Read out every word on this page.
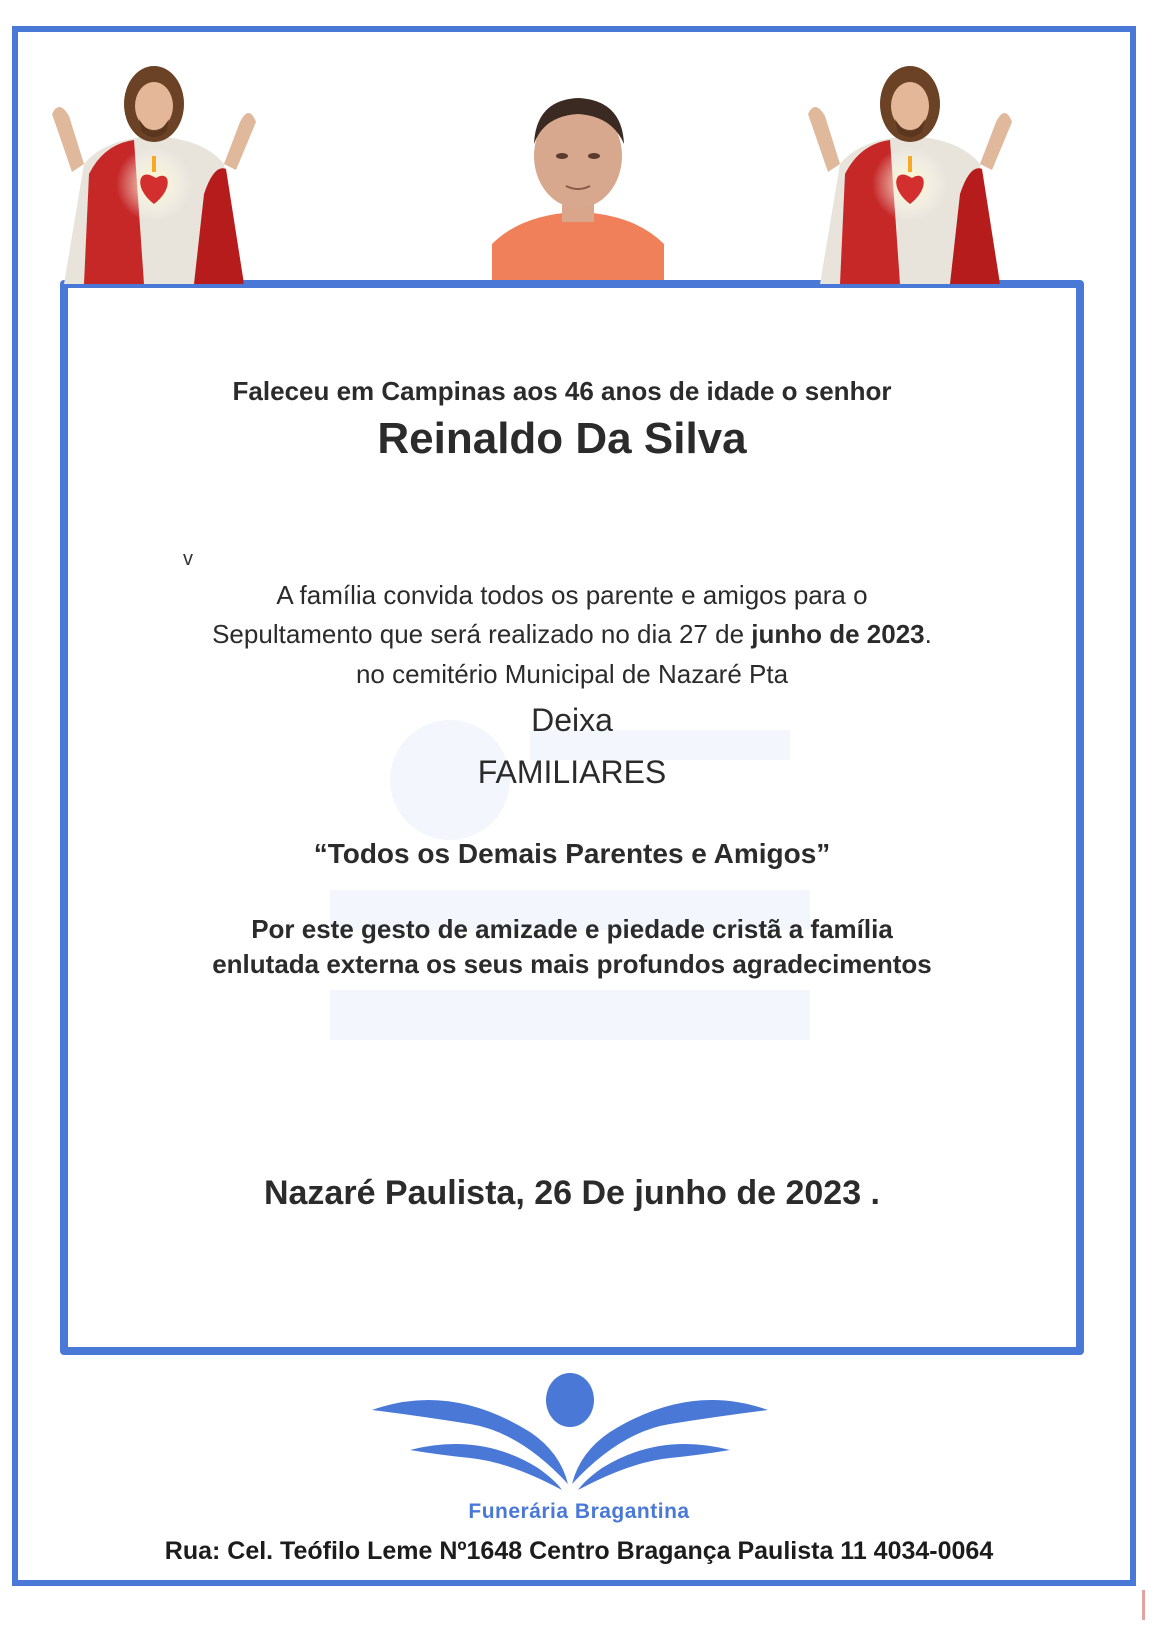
Faleceu em Campinas aos 46 anos de idade o senhor
Reinaldo Da Silva
v
A família convida todos os parente e amigos para o
Sepultamento que será realizado no dia 27 de junho de 2023.
no cemitério Municipal de Nazaré Pta
Deixa
FAMILIARES
“Todos os Demais Parentes e Amigos”
Por este gesto de amizade e piedade cristã a família
enlutada externa os seus mais profundos agradecimentos
Nazaré Paulista, 26 De junho de 2023 .
Funerária Bragantina
Rua: Cel. Teófilo Leme Nº1648 Centro Bragança Paulista 11 4034-0064
